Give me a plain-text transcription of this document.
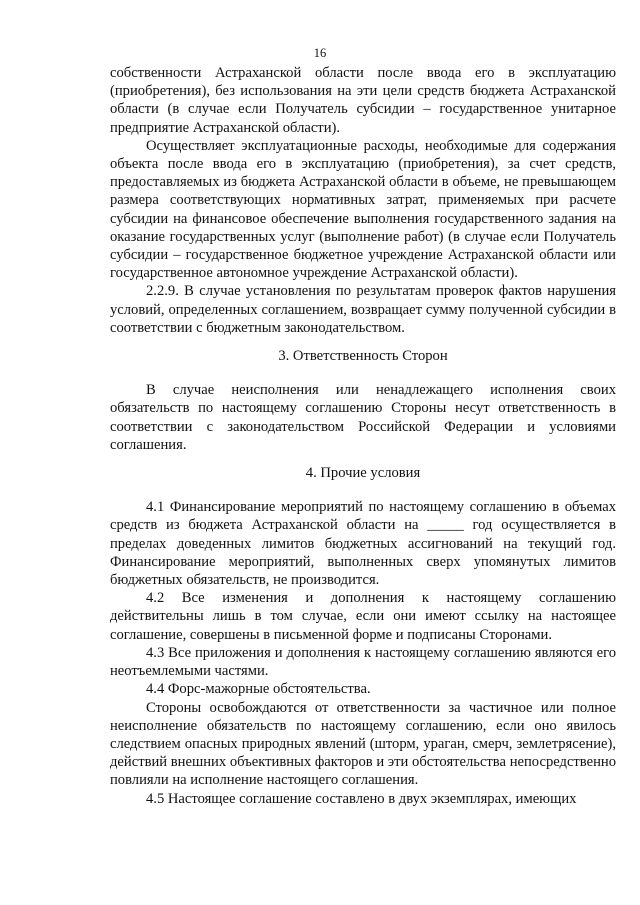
16

собственности Астраханской области после ввода его в эксплуатацию (приобретения), без использования на эти цели средств бюджета Астраханской области (в случае если Получатель субсидии – государственное унитарное предприятие Астраханской области).

Осуществляет эксплуатационные расходы, необходимые для содержания объекта после ввода его в эксплуатацию (приобретения), за счет средств, предоставляемых из бюджета Астраханской области в объеме, не превышающем размера соответствующих нормативных затрат, применяемых при расчете субсидии на финансовое обеспечение выполнения государственного задания на оказание государственных услуг (выполнение работ) (в случае если Получатель субсидии – государственное бюджетное учреждение Астраханской области или государственное автономное учреждение Астраханской области).

2.2.9. В случае установления по результатам проверок фактов нарушения условий, определенных соглашением, возвращает сумму полученной субсидии в соответствии с бюджетным законодательством.

3. Ответственность Сторон

В случае неисполнения или ненадлежащего исполнения своих обязательств по настоящему соглашению Стороны несут ответственность в соответствии с законодательством Российской Федерации и условиями соглашения.

4. Прочие условия

4.1 Финансирование мероприятий по настоящему соглашению в объемах средств из бюджета Астраханской области на _____ год осуществляется в пределах доведенных лимитов бюджетных ассигнований на текущий год. Финансирование мероприятий, выполненных сверх упомянутых лимитов бюджетных обязательств, не производится.

4.2 Все изменения и дополнения к настоящему соглашению действительны лишь в том случае, если они имеют ссылку на настоящее соглашение, совершены в письменной форме и подписаны Сторонами.

4.3 Все приложения и дополнения к настоящему соглашению являются его неотъемлемыми частями.

4.4 Форс-мажорные обстоятельства.

Стороны освобождаются от ответственности за частичное или полное неисполнение обязательств по настоящему соглашению, если оно явилось следствием опасных природных явлений (шторм, ураган, смерч, землетрясение), действий внешних объективных факторов и эти обстоятельства непосредственно повлияли на исполнение настоящего соглашения.

4.5 Настоящее соглашение составлено в двух экземплярах, имеющих
